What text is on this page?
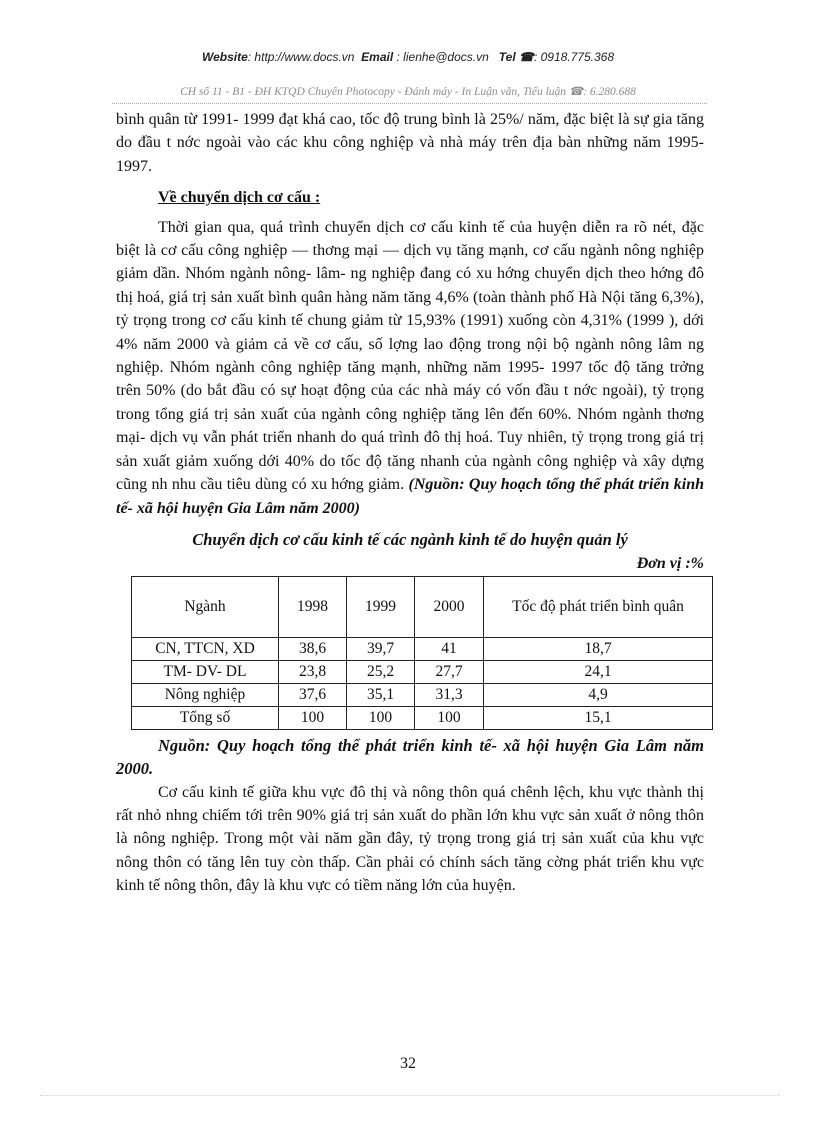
Website: http://www.docs.vn Email : lienhe@docs.vn Tel ☎: 0918.775.368
CH số 11 - B1 - ĐH KTQD Chuyên Photocopy - Đánh máy - In Luận văn, Tiểu luận ☎: 6.280.688

bình quân từ 1991- 1999 đạt khá cao, tốc độ trung bình là 25%/ năm, đặc biệt là sự gia tăng do đầu t nớc ngoài vào các khu công nghiệp và nhà máy trên địa bàn những năm 1995- 1997.

Về chuyển dịch cơ cấu :

Thời gian qua, quá trình chuyển dịch cơ cấu kinh tế của huyện diễn ra rõ nét, đặc biệt là cơ cấu công nghiệp — thơng mại — dịch vụ tăng mạnh, cơ cấu ngành nông nghiệp giảm dần. Nhóm ngành nông- lâm- ng nghiệp đang có xu hớng chuyển dịch theo hớng đô thị hoá, giá trị sản xuất bình quân hàng năm tăng 4,6% (toàn thành phố Hà Nội tăng 6,3%), tỷ trọng trong cơ cấu kinh tế chung giảm từ 15,93% (1991) xuống còn 4,31% (1999 ), dới 4% năm 2000 và giảm cả về cơ cấu, số lợng lao động trong nội bộ ngành nông lâm ng nghiệp. Nhóm ngành công nghiệp tăng mạnh, những năm 1995- 1997 tốc độ tăng trởng trên 50% (do bắt đầu có sự hoạt động của các nhà máy có vốn đầu t nớc ngoài), tỷ trọng trong tổng giá trị sản xuất của ngành công nghiệp tăng lên đến 60%. Nhóm ngành thơng mại- dịch vụ vẫn phát triển nhanh do quá trình đô thị hoá. Tuy nhiên, tỷ trọng trong giá trị sản xuất giảm xuống dới 40% do tốc độ tăng nhanh của ngành công nghiệp và xây dựng cũng nh nhu cầu tiêu dùng có xu hớng giảm. (Nguồn: Quy hoạch tổng thể phát triển kinh tế- xã hội huyện Gia Lâm năm 2000)

Chuyển dịch cơ cấu kinh tế các ngành kinh tế do huyện quản lý

Đơn vị :%

Ngành	1998	1999	2000	Tốc độ phát triển bình quân
CN, TTCN, XD	38,6	39,7	41	18,7
TM- DV- DL	23,8	25,2	27,7	24,1
Nông nghiệp	37,6	35,1	31,3	4,9
Tổng số	100	100	100	15,1

Nguồn: Quy hoạch tổng thể phát triển kinh tế- xã hội huyện Gia Lâm năm 2000.

Cơ cấu kinh tế giữa khu vực đô thị và nông thôn quá chênh lệch, khu vực thành thị rất nhỏ nhng chiếm tới trên 90% giá trị sản xuất do phần lớn khu vực sản xuất ở nông thôn là nông nghiệp. Trong một vài năm gần đây, tỷ trọng trong giá trị sản xuất của khu vực nông thôn có tăng lên tuy còn thấp. Cần phải có chính sách tăng cờng phát triển khu vực kinh tế nông thôn, đây là khu vực có tiềm năng lớn của huyện.

32
